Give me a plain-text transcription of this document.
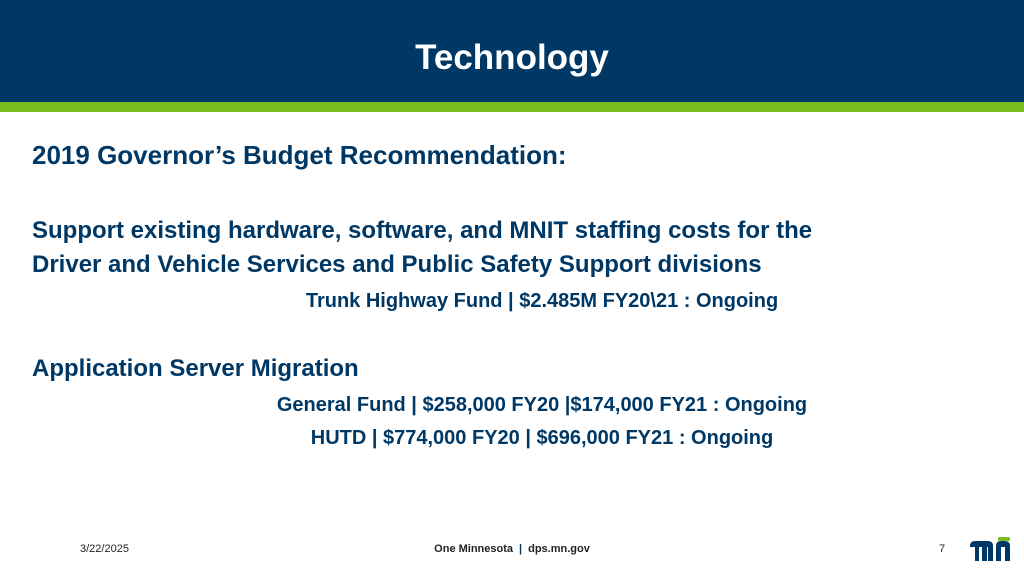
Technology
2019 Governor’s Budget Recommendation:
Support existing hardware, software, and MNIT staffing costs for the
Driver and Vehicle Services and Public Safety Support divisions
Trunk Highway Fund | $2.485M FY20\21 : Ongoing
Application Server Migration
General Fund | $258,000 FY20 |$174,000 FY21 : Ongoing
HUTD | $774,000 FY20 | $696,000 FY21 : Ongoing
3/22/2025	One Minnesota | dps.mn.gov	7
